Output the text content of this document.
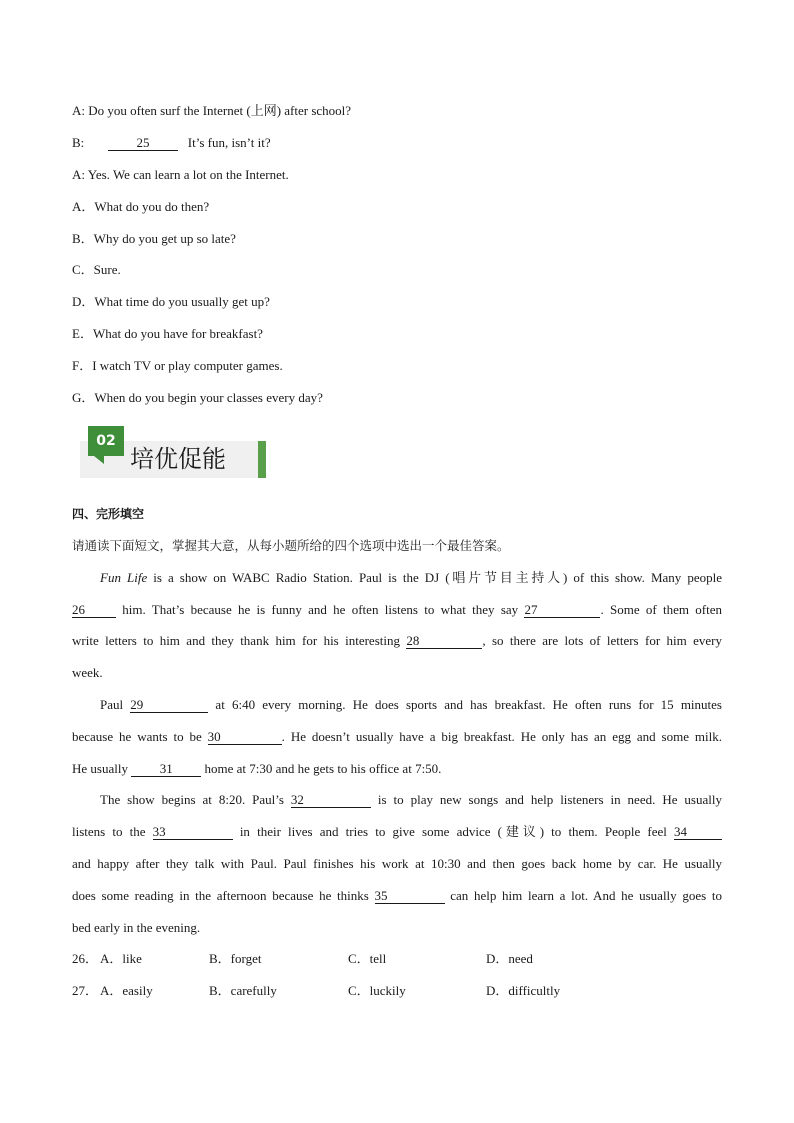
A: Do you often surf the Internet (上网) after school?
B:	25   It’s fun, isn’t it?
A: Yes. We can learn a lot on the Internet.
A．What do you do then?
B．Why do you get up so late?
C．Sure.
D．What time do you usually get up?
E．What do you have for breakfast?
F．I watch TV or play computer games.
G．When do you begin your classes every day?
02
培优促能
四、完形填空
请通读下面短文，掌握其大意，从每小题所给的四个选项中选出一个最佳答案。
Fun Life is a show on WABC Radio Station. Paul is the DJ (唱片节目主持人) of this show. Many people
26 him. That’s because he is funny and he often listens to what they say 27	. Some of them often
write letters to him and they thank him for his interesting 28	, so there are lots of letters for him every
week.
Paul 29	at 6:40 every morning. He does sports and has breakfast. He often runs for 15 minutes
because he wants to be 30	. He doesn’t usually have a big breakfast. He only has an egg and some milk.
He usually 31 home at 7:30 and he gets to his office at 7:50.
The show begins at 8:20. Paul’s 32	is to play new songs and help listeners in need. He usually
listens to the 33	in their lives and tries to give some advice (建议) to them. People feel 34
and happy after they talk with Paul. Paul finishes his work at 10:30 and then goes back home by car. He usually
does some reading in the afternoon because he thinks 35	can help him learn a lot. And he usually goes to
bed early in the evening.
26． A．like	B．forget	C．tell	D．need
27． A．easily	B．carefully	C．luckily	D．difficultly
